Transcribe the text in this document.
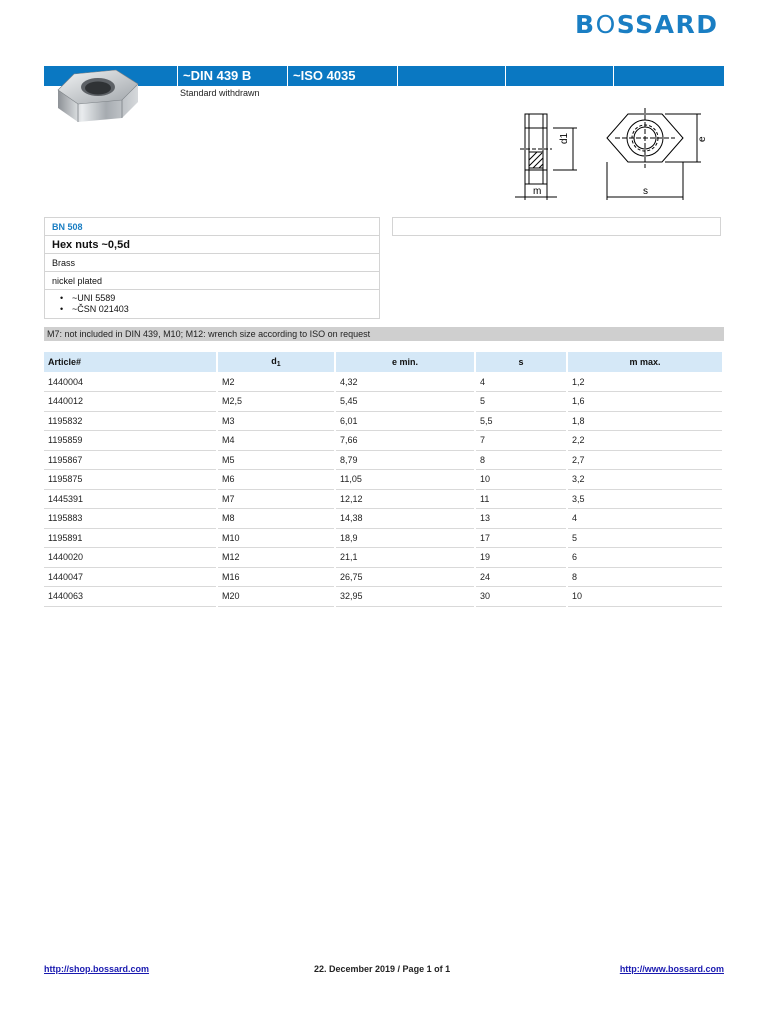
BOSSARD
~DIN 439 B	~ISO 4035
Standard withdrawn
d1
m	s
e
BN 508
Hex nuts ~0,5d
Brass
nickel plated
• ~UNI 5589
• ~ČSN 021403
M7: not included in DIN 439, M10; M12: wrench size according to ISO on request
Article#	$d_1$	e min.	s	m max.
1440004	M2	4,32	4	1,2
1440012	M2,5	5,45	5	1,6
1195832	M3	6,01	5,5	1,8
1195859	M4	7,66	7	2,2
1195867	M5	8,79	8	2,7
1195875	M6	11,05	10	3,2
1445391	M7	12,12	11	3,5
1195883	M8	14,38	13	4
1195891	M10	18,9	17	5
1440020	M12	21,1	19	6
1440047	M16	26,75	24	8
1440063	M20	32,95	30	10
http://shop.bossard.com	22. December 2019 / Page 1 of 1	http://www.bossard.com
